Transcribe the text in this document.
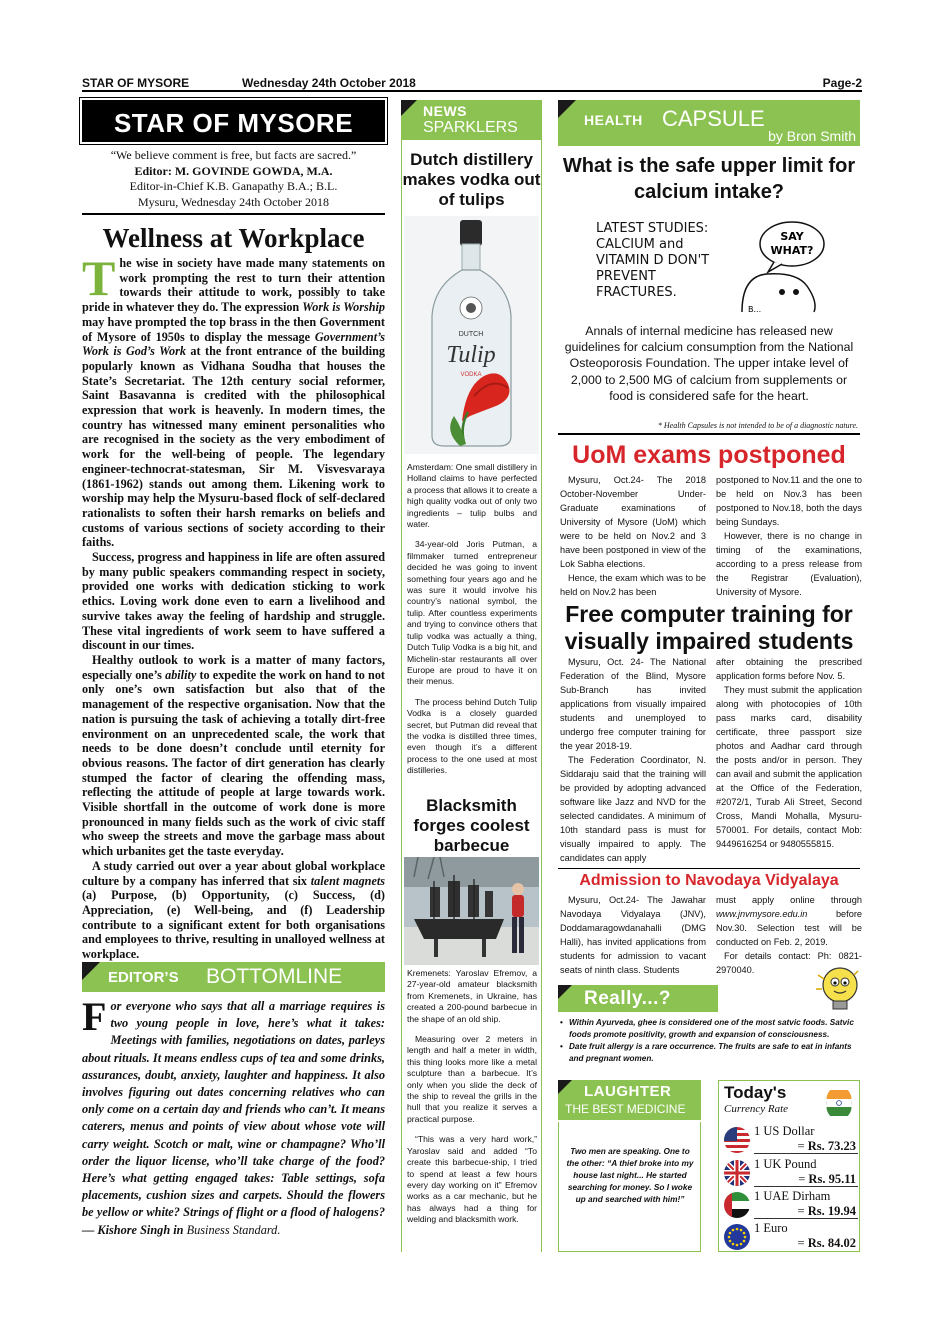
STAR OF MYSORE	Wednesday 24th October 2018	Page-2
STAR OF MYSORE
“We believe comment is free, but facts are sacred.”
Editor: M. GOVINDE GOWDA, M.A.
Editor-in-Chief K.B. Ganapathy B.A.; B.L.
Mysuru, Wednesday 24th October 2018
Wellness at Workplace

The wise in society have made many statements on work prompting the rest to turn their attention towards their attitude to work, possibly to take pride in whatever they do. The expression Work is Worship may have prompted the top brass in the then Government of Mysore of 1950s to display the message Government’s Work is God’s Work at the front entrance of the building popularly known as Vidhana Soudha that houses the State’s Secretariat. The 12th century social reformer, Saint Basavanna is credited with the philosophical expression that work is heavenly. In modern times, the country has witnessed many eminent personalities who are recognised in the society as the very embodiment of work for the well-being of people. The legendary engineer-technocrat-statesman, Sir M. Visvesvaraya (1861-1962) stands out among them. Likening work to worship may help the Mysuru-based flock of self-declared rationalists to soften their harsh remarks on beliefs and customs of various sections of society according to their faiths.

Success, progress and happiness in life are often assured by many public speakers commanding respect in society, provided one works with dedication sticking to work ethics. Loving work done even to earn a livelihood and survive takes away the feeling of hardship and struggle. These vital ingredients of work seem to have suffered a discount in our times.

Healthy outlook to work is a matter of many factors, especially one’s ability to expedite the work on hand to not only one’s own satisfaction but also that of the management of the respective organisation. Now that the nation is pursuing the task of achieving a totally dirt-free environment on an unprecedented scale, the work that needs to be done doesn’t conclude until eternity for obvious reasons. The factor of dirt generation has clearly stumped the factor of clearing the offending mass, reflecting the attitude of people at large towards work. Visible shortfall in the outcome of work done is more pronounced in many fields such as the work of civic staff who sweep the streets and move the garbage mass about which urbanites get the taste everyday.

A study carried out over a year about global workplace culture by a company has inferred that six talent magnets (a) Purpose, (b) Opportunity, (c) Success, (d) Appreciation, (e) Well-being, and (f) Leadership contribute to a significant extent for both organisations and employees to thrive, resulting in unalloyed wellness at workplace.

EDITOR’S BOTTOMLINE
For everyone who says that all a marriage requires is two young people in love, here’s what it takes: Meetings with families, negotiations on dates, parleys about rituals. It means endless cups of tea and some drinks, assurances, doubt, anxiety, laughter and happiness. It also involves figuring out dates concerning relatives who can only come on a certain day and friends who can’t. It means caterers, menus and points of view about whose vote will carry weight. Scotch or malt, wine or champagne? Who’ll order the liquor license, who’ll take charge of the food? Here’s what getting engaged takes: Table settings, sofa placements, cushion sizes and carpets. Should the flowers be yellow or white? Strings of flight or a flood of halogens? — Kishore Singh in Business Standard.
NEWS
SPARKLERS
Dutch distillery makes vodka out of tulips
DUTCH
Tulip
VODKA

Amsterdam: One small distillery in Holland claims to have perfected a process that allows it to create a high quality vodka out of only two ingredients – tulip bulbs and water.

34-year-old Joris Putman, a filmmaker turned entrepreneur decided he was going to invent something four years ago and he was sure it would involve his country’s national symbol, the tulip. After countless experiments and trying to convince others that tulip vodka was actually a thing, Dutch Tulip Vodka is a big hit, and Michelin-star restaurants all over Europe are proud to have it on their menus.

The process behind Dutch Tulip Vodka is a closely guarded secret, but Putman did reveal that the vodka is distilled three times, even though it’s a different process to the one used at most distilleries.

Blacksmith forges coolest barbecue

Kremenets: Yaroslav Efremov, a 27-year-old amateur blacksmith from Kremenets, in Ukraine, has created a 200-pound barbecue in the shape of an old ship.

Measuring over 2 meters in length and half a meter in width, this thing looks more like a metal sculpture than a barbecue. It’s only when you slide the deck of the ship to reveal the grills in the hull that you realize it serves a practical purpose.

“This was a very hard work,” Yaroslav said and added “To create this barbecue-ship, I tried to spend at least a few hours every day working on it” Efremov works as a car mechanic, but he has always had a thing for welding and blacksmith work.

HEALTH CAPSULE
by Bron Smith
What is the safe upper limit for calcium intake?
LATEST STUDIES:
CALCIUM and
VITAMIN D DON'T
PREVENT
FRACTURES.
SAY
WHAT?
B...
Annals of internal medicine has released new guidelines for calcium consumption from the National Osteoporosis Foundation. The upper intake level of 2,000 to 2,500 MG of calcium from supplements or food is considered safe for the heart.
* Health Capsules is not intended to be of a diagnostic nature.
UoM exams postponed

Mysuru, Oct.24- The 2018 October-November Under-Graduate examinations of University of Mysore (UoM) which were to be held on Nov.2 and 3 have been postponed in view of the Lok Sabha elections.

Hence, the exam which was to be held on Nov.2 has been

postponed to Nov.11 and the one to be held on Nov.3 has been postponed to Nov.18, both the days being Sundays.

However, there is no change in timing of the examinations, according to a press release from the Registrar (Evaluation), University of Mysore.

Free computer training for visually impaired students

Mysuru, Oct. 24- The National Federation of the Blind, Mysore Sub-Branch has invited applications from visually impaired students and unemployed to undergo free computer training for the year 2018-19.

The Federation Coordinator, N. Siddaraju said that the training will be provided by adopting advanced software like Jazz and NVD for the selected candidates. A minimum of 10th standard pass is must for visually impaired to apply. The candidates can apply

after obtaining the prescribed application forms before Nov. 5.

They must submit the application along with photocopies of 10th pass marks card, disability certificate, three passport size photos and Aadhar card through the posts and/or in person. They can avail and submit the application at the Office of the Federation, #2072/1, Turab Ali Street, Second Cross, Mandi Mohalla, Mysuru-570001. For details, contact Mob: 9449616254 or 9480555815.

Admission to Navodaya Vidyalaya

Mysuru, Oct.24- The Jawahar Navodaya Vidyalaya (JNV), Doddamaragowdanahalli (DMG Halli), has invited applications from students for admission to vacant seats of ninth class. Students

must apply online through www.jnvmysore.edu.in before Nov.30. Selection test will be conducted on Feb. 2, 2019.

For details contact: Ph: 0821-2970040.

Really...?
• Within Ayurveda, ghee is considered one of the most satvic foods. Satvic foods promote positivity, growth and expansion of consciousness.
• Date fruit allergy is a rare occurrence. The fruits are safe to eat in infants and pregnant women.
LAUGHTER
THE BEST MEDICINE
Two men are speaking. One to the other: “A thief broke into my house last night... He started searching for money. So I woke up and searched with him!”
Today's
Currency Rate
1 US Dollar
= Rs. 73.23
1 UK Pound
= Rs. 95.11
1 UAE Dirham
= Rs. 19.94
1 Euro
= Rs. 84.02
